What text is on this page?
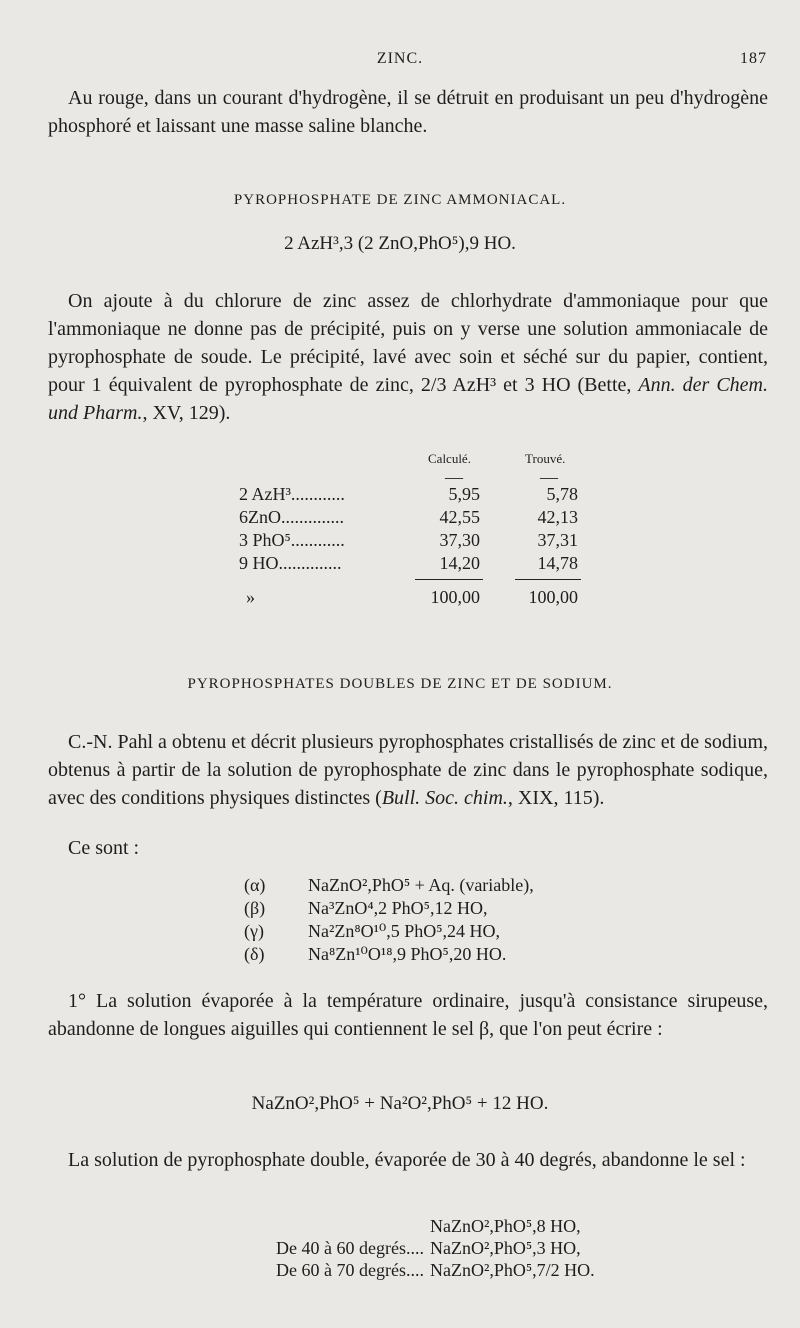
ZINC.	187
Au rouge, dans un courant d'hydrogène, il se détruit en produisant un peu d'hydrogène phosphoré et laissant une masse saline blanche.
PYROPHOSPHATE DE ZINC AMMONIACAL.
2 AzH³,3 (2 ZnO,PhO⁵),9 HO.
On ajoute à du chlorure de zinc assez de chlorhydrate d'ammoniaque pour que l'ammoniaque ne donne pas de précipité, puis on y verse une solution ammoniacale de pyrophosphate de soude. Le précipité, lavé avec soin et séché sur du papier, contient, pour 1 équivalent de pyrophosphate de zinc, 2/3 AzH³ et 3 HO (Bette, Ann. der Chem. und Pharm., XV, 129).
Calculé.	Trouvé.
—	—
2 AzH³............	5,95	5,78
6ZnO..............	42,55	42,13
3 PhO⁵............	37,30	37,31
9 HO..............	14,20	14,78
»	100,00	100,00
PYROPHOSPHATES DOUBLES DE ZINC ET DE SODIUM.
C.-N. Pahl a obtenu et décrit plusieurs pyrophosphates cristallisés de zinc et de sodium, obtenus à partir de la solution de pyrophosphate de zinc dans le pyrophosphate sodique, avec des conditions physiques distinctes (Bull. Soc. chim., XIX, 115).
Ce sont :
(α) NaZnO²,PhO⁵ + Aq. (variable),
(β) Na³ZnO⁴,2 PhO⁵,12 HO,
(γ) Na²Zn⁸O¹⁰,5 PhO⁵,24 HO,
(δ) Na⁸Zn¹⁰O¹⁸,9 PhO⁵,20 HO.
1° La solution évaporée à la température ordinaire, jusqu'à consistance sirupeuse, abandonne de longues aiguilles qui contiennent le sel β, que l'on peut écrire :
NaZnO²,PhO⁵ + Na²O²,PhO⁵ + 12 HO.
La solution de pyrophosphate double, évaporée de 30 à 40 degrés, abandonne le sel :
NaZnO²,PhO⁵,8 HO,
De 40 à 60 degrés.... NaZnO²,PhO⁵,3 HO,
De 60 à 70 degrés.... NaZnO²,PhO⁵,7/2 HO.
